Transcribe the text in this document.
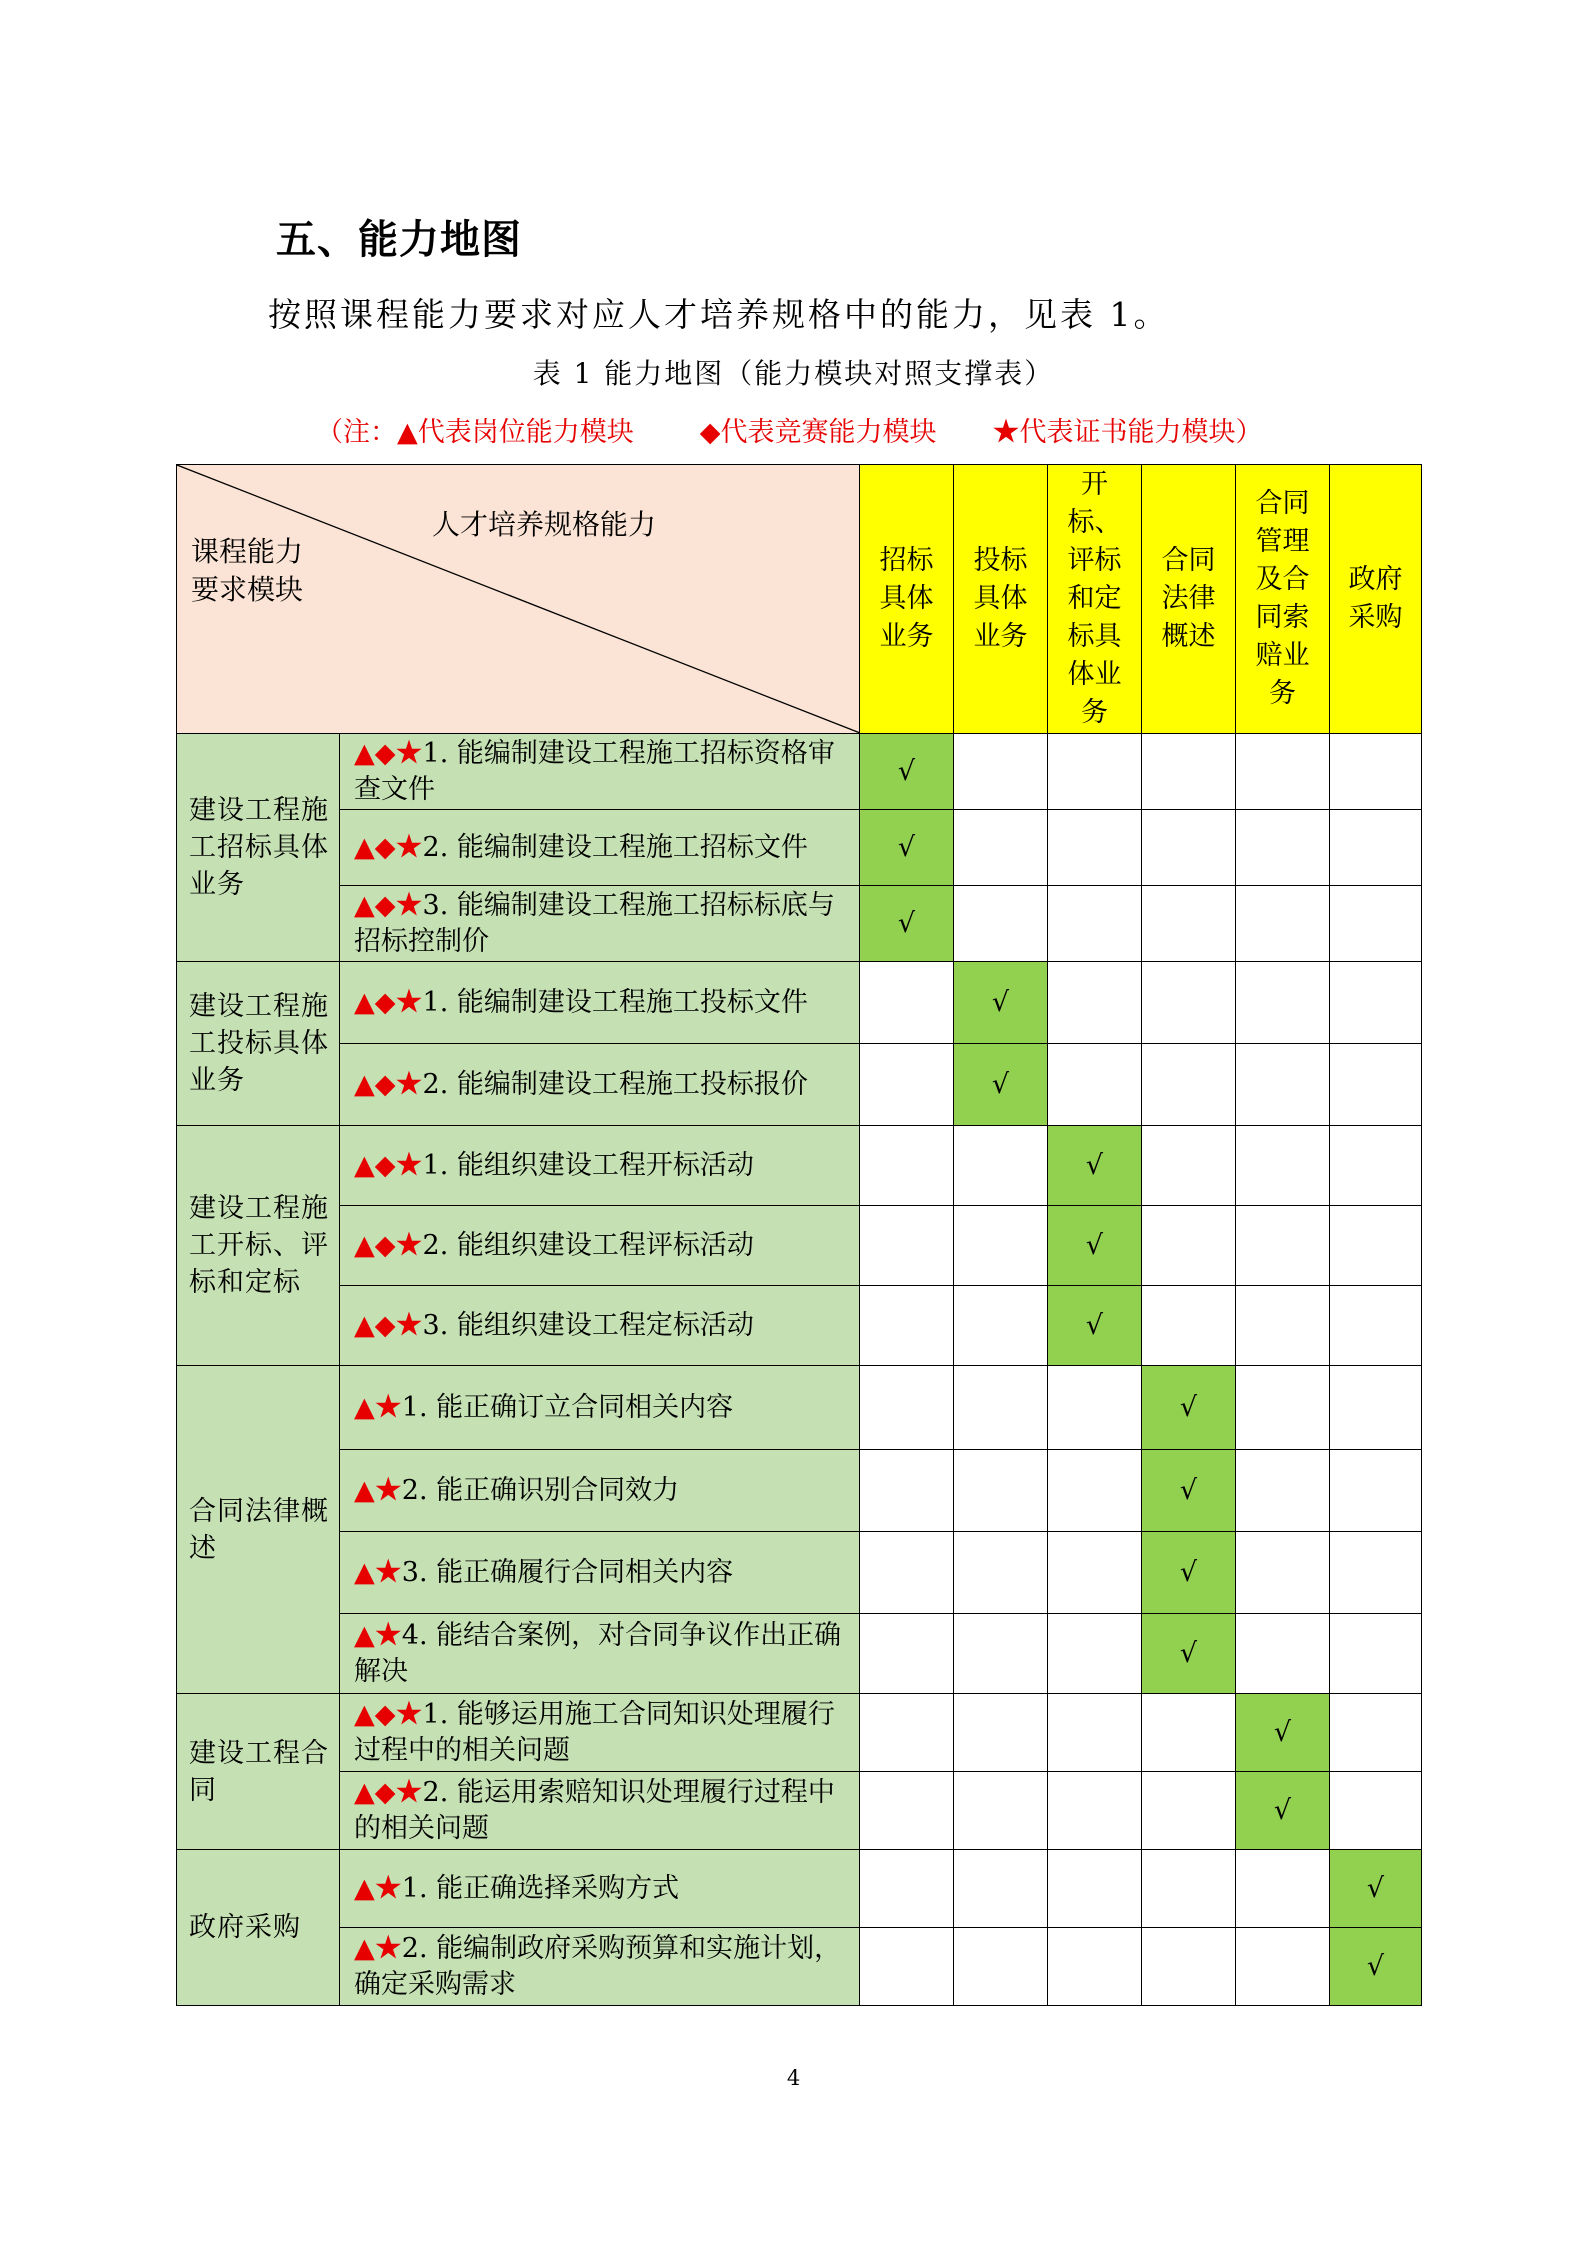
五、能力地图
按照课程能力要求对应人才培养规格中的能力，见表 1。
表 1 能力地图（能力模块对照支撑表）
（注：▲代表岗位能力模块 ◆代表竞赛能力模块 ★代表证书能力模块）
人才培养规格能力
课程能力
要求模块		招标具体业务	投标具体业务	开标、评标和定标具体业务	合同法律概述	合同管理及合同索赔业务	政府采购

建设工程施工招标具体业务	▲◆★1. 能编制建设工程施工招标资格审查文件	√					
	▲◆★2. 能编制建设工程施工招标文件	√					
	▲◆★3. 能编制建设工程施工招标标底与招标控制价	√					

建设工程施工投标具体业务	▲◆★1. 能编制建设工程施工投标文件		√				
	▲◆★2. 能编制建设工程施工投标报价		√				

建设工程施工开标、评标和定标	▲◆★1. 能组织建设工程开标活动			√			
	▲◆★2. 能组织建设工程评标活动			√			
	▲◆★3. 能组织建设工程定标活动			√			

合同法律概述	▲★1. 能正确订立合同相关内容				√		
	▲★2. 能正确识别合同效力				√		
	▲★3. 能正确履行合同相关内容				√		
	▲★4. 能结合案例，对合同争议作出正确解决				√		

建设工程合同	▲◆★1. 能够运用施工合同知识处理履行过程中的相关问题					√	
	▲◆★2. 能运用索赔知识处理履行过程中的相关问题					√	

政府采购	▲★1. 能正确选择采购方式						√
	▲★2. 能编制政府采购预算和实施计划，确定采购需求						√
4
